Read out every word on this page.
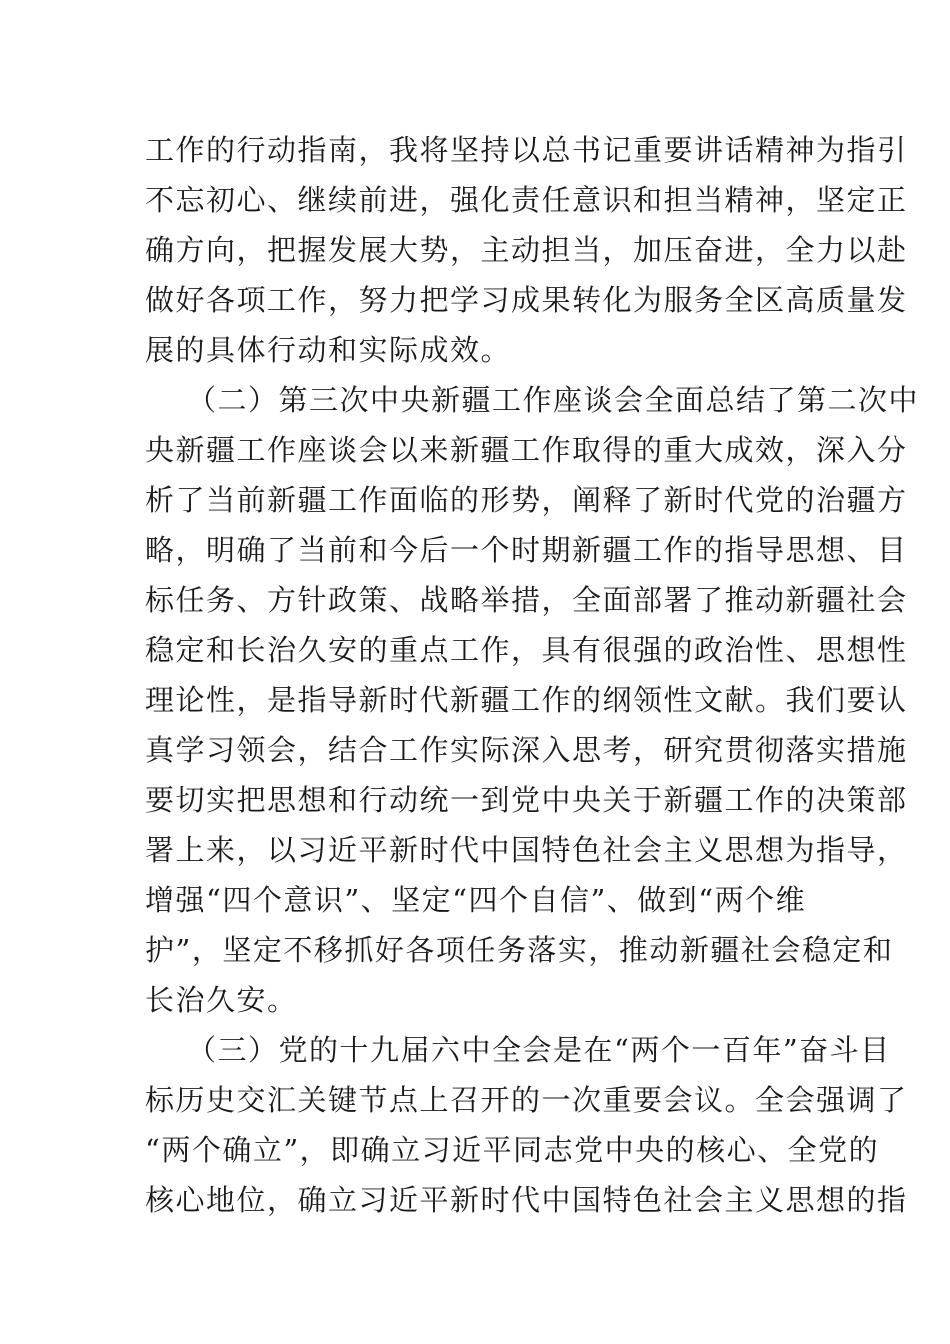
工作的行动指南，我将坚持以总书记重要讲话精神为指引
不忘初心、继续前进，强化责任意识和担当精神，坚定正
确方向，把握发展大势，主动担当，加压奋进，全力以赴
做好各项工作，努力把学习成果转化为服务全区高质量发
展的具体行动和实际成效。
（二）第三次中央新疆工作座谈会全面总结了第二次中
央新疆工作座谈会以来新疆工作取得的重大成效，深入分
析了当前新疆工作面临的形势，阐释了新时代党的治疆方
略，明确了当前和今后一个时期新疆工作的指导思想、目
标任务、方针政策、战略举措，全面部署了推动新疆社会
稳定和长治久安的重点工作，具有很强的政治性、思想性
理论性，是指导新时代新疆工作的纲领性文献。我们要认
真学习领会，结合工作实际深入思考，研究贯彻落实措施
要切实把思想和行动统一到党中央关于新疆工作的决策部
署上来，以习近平新时代中国特色社会主义思想为指导，
增强“四个意识”、坚定“四个自信”、做到“两个维
护”，坚定不移抓好各项任务落实，推动新疆社会稳定和
长治久安。
（三）党的十九届六中全会是在“两个一百年”奋斗目
标历史交汇关键节点上召开的一次重要会议。全会强调了
“两个确立”，即确立习近平同志党中央的核心、全党的
核心地位，确立习近平新时代中国特色社会主义思想的指
